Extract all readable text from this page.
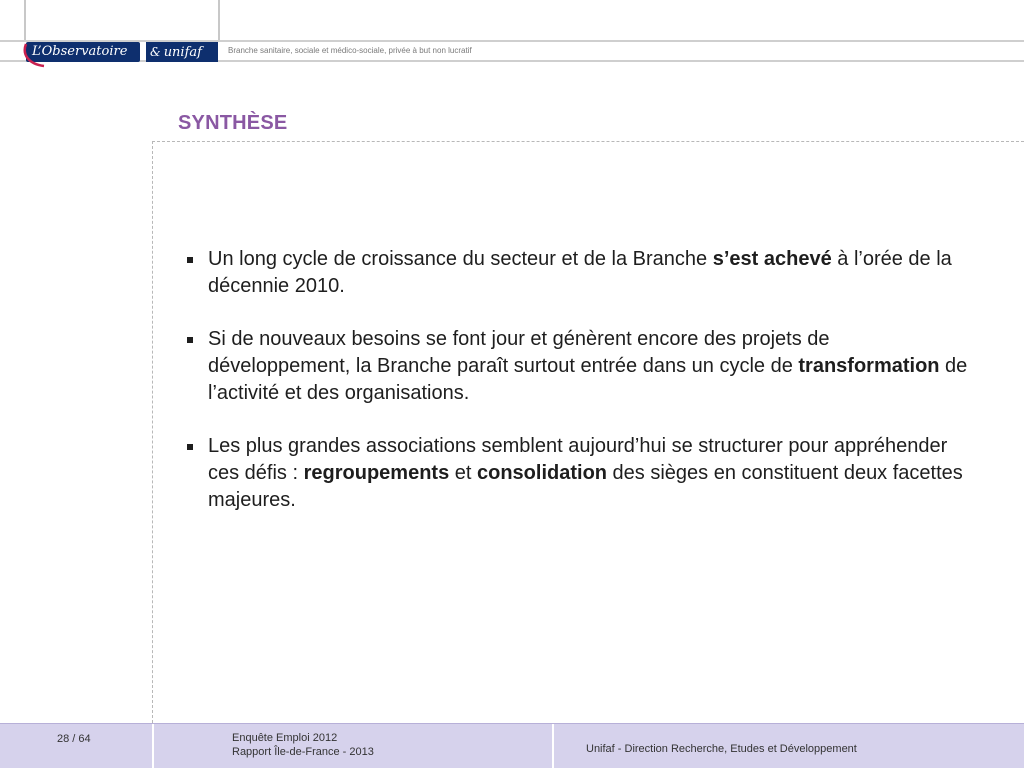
L’Observatoire	& unifaf	Branche sanitaire, sociale et médico-sociale, privée à but non lucratif
SYNTHÈSE
Un long cycle de croissance du secteur et de la Branche s’est achevé à l’orée de la décennie 2010.
Si de nouveaux besoins se font jour et génèrent encore des projets de développement, la Branche paraît surtout entrée dans un cycle de transformation de l’activité et des organisations.
Les plus grandes associations semblent aujourd’hui se structurer pour appréhender ces défis : regroupements et consolidation des sièges en constituent deux facettes majeures.
28 / 64	Enquête Emploi 2012
Rapport Île-de-France - 2013	Unifaf - Direction Recherche, Etudes et Développement
